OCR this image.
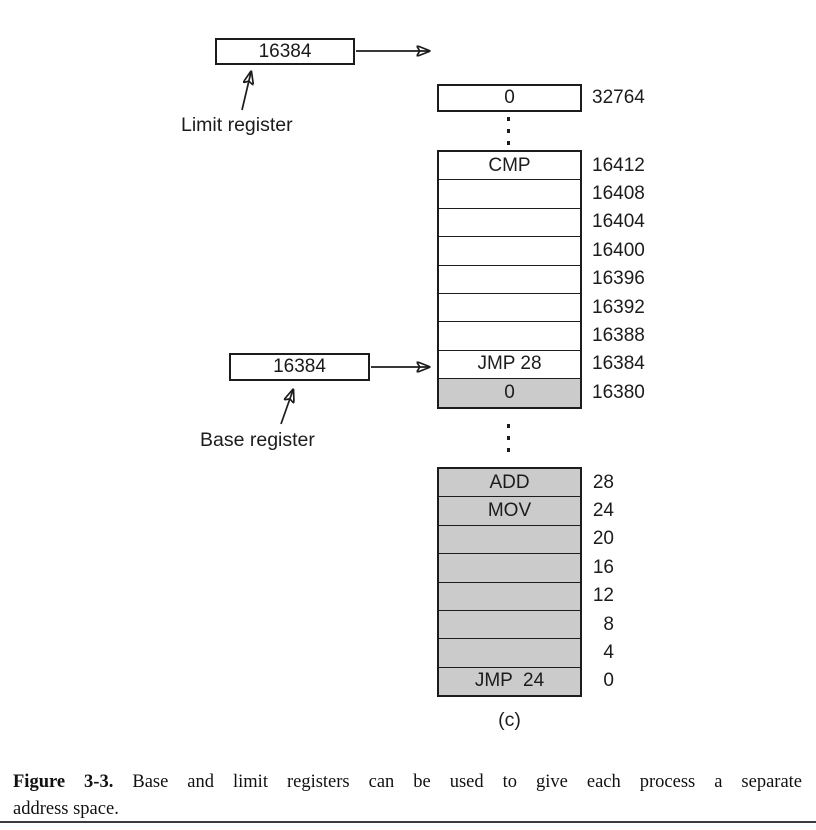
16384
Limit register
16384
Base register
0	32764
CMP	16412
16408
16404
16400
16396
16392
16388
JMP 28	16384
0	16380
ADD	28
MOV	24
20
16
12
8
4
JMP  24	0
(c)
Figure 3-3. Base and limit registers can be used to give each process a separate
address space.
